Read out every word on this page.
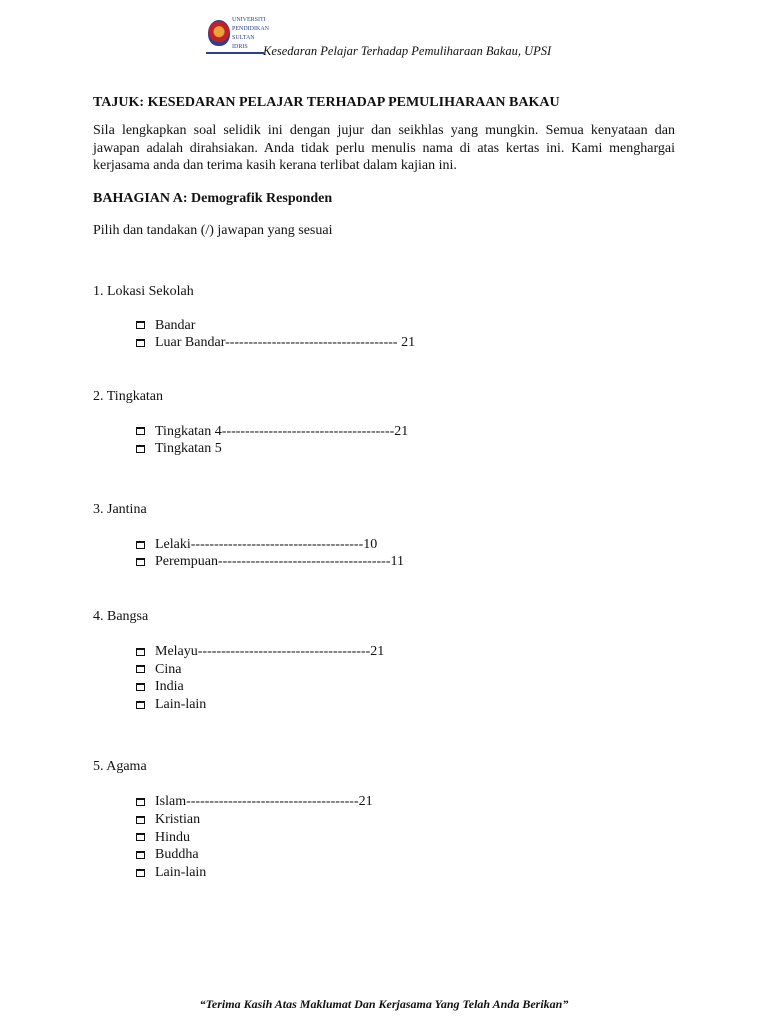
UNIVERSITI
PENDIDIKAN
SULTAN IDRIS	Kesedaran Pelajar Terhadap Pemuliharaan Bakau, UPSI

TAJUK: KESEDARAN PELAJAR TERHADAP PEMULIHARAAN BAKAU

Sila lengkapkan soal selidik ini dengan jujur dan seikhlas yang mungkin. Semua kenyataan dan jawapan adalah dirahsiakan. Anda tidak perlu menulis nama di atas kertas ini. Kami menghargai kerjasama anda dan terima kasih kerana terlibat dalam kajian ini.

BAHAGIAN A: Demografik Responden

Pilih dan tandakan (/) jawapan yang sesuai

1. Lokasi Sekolah

Bandar
Luar Bandar------------------------------------- 21

2. Tingkatan

Tingkatan 4-------------------------------------21
Tingkatan 5

3. Jantina

Lelaki-------------------------------------10
Perempuan-------------------------------------11

4. Bangsa

Melayu-------------------------------------21
Cina
India
Lain-lain

5. Agama

Islam-------------------------------------21
Kristian
Hindu
Buddha
Lain-lain
“Terima Kasih Atas Maklumat Dan Kerjasama Yang Telah Anda Berikan”
